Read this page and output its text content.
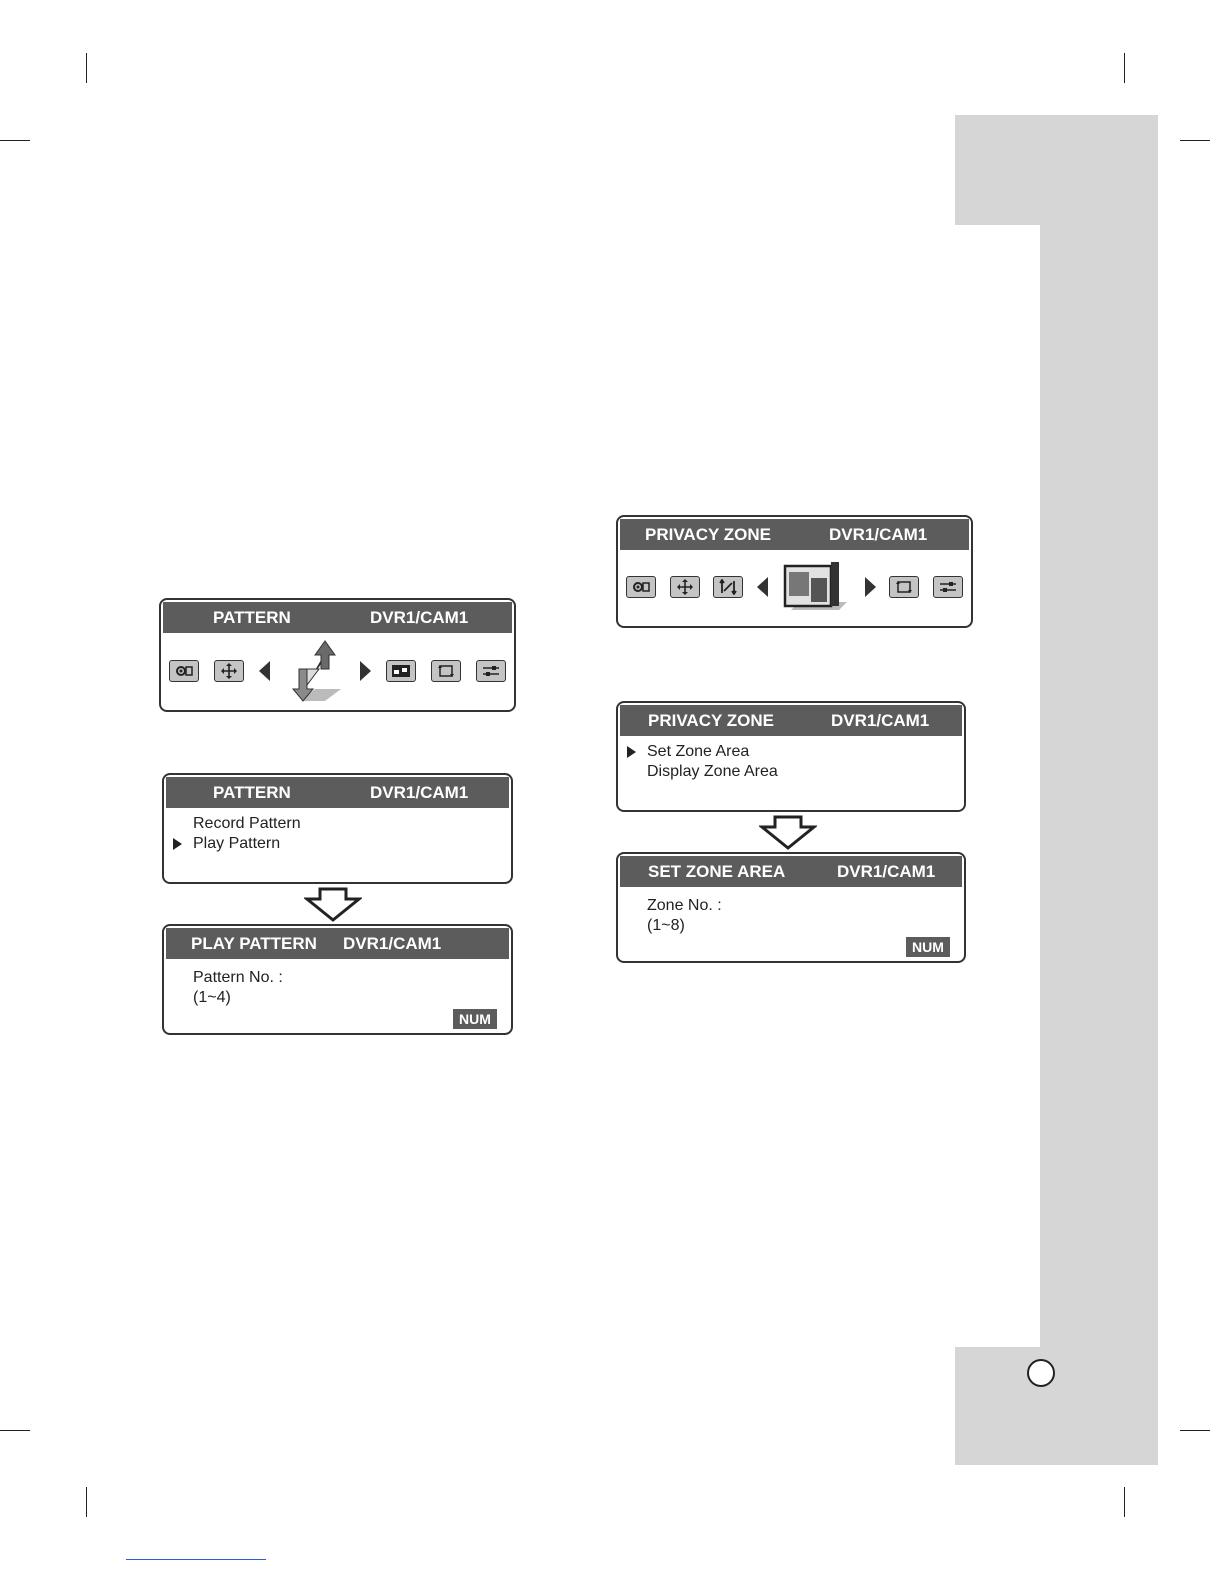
PATTERN	DVR1/CAM1
PATTERN	DVR1/CAM1
Record Pattern
Play Pattern
PLAY PATTERN DVR1/CAM1
Pattern No. :
(1~4)
NUM
PRIVACY ZONE	DVR1/CAM1
PRIVACY ZONE	DVR1/CAM1
Set Zone Area
Display Zone Area
SET ZONE AREA	DVR1/CAM1
Zone No. :
(1~8)
NUM
